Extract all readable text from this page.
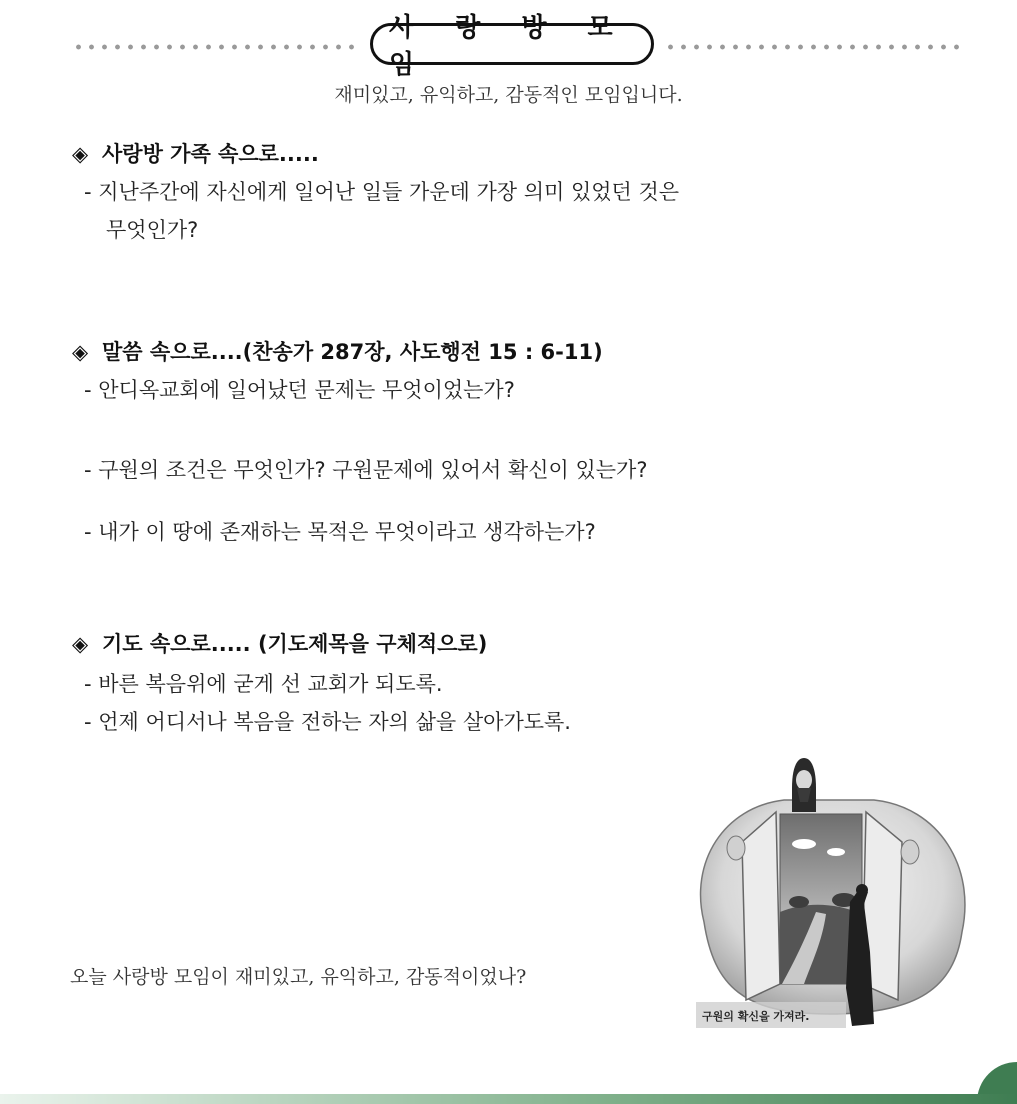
사 랑 방 모 임
재미있고, 유익하고, 감동적인 모임입니다.
◈ 사랑방 가족 속으로.....
- 지난주간에 자신에게 일어난 일들 가운데 가장 의미 있었던 것은
무엇인가?
◈ 말씀 속으로....(찬송가 287장, 사도행전 15 : 6-11)
- 안디옥교회에 일어났던 문제는 무엇이었는가?
- 구원의 조건은 무엇인가? 구원문제에 있어서 확신이 있는가?
- 내가 이 땅에 존재하는 목적은 무엇이라고 생각하는가?
◈ 기도 속으로..... (기도제목을 구체적으로)
- 바른 복음위에 굳게 선 교회가 되도록.
- 언제 어디서나 복음을 전하는 자의 삶을 살아가도록.
오늘 사랑방 모임이 재미있고, 유익하고, 감동적이었나?
구원의 확신을 가져라.
